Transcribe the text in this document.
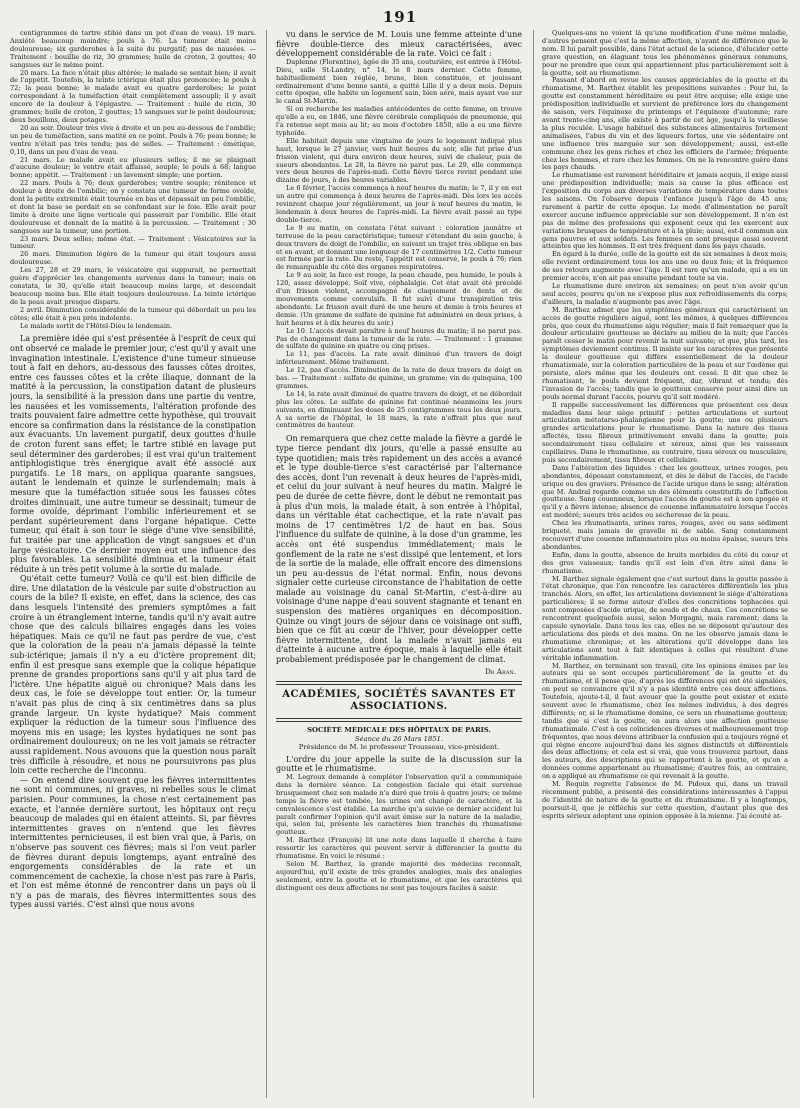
191

centigrammes de tartre stibié dans un pot d'eau de veau). 19 mars. Anxiété beaucoup moindre; pouls à 76. La tumeur était moins douloureuse; six garderobes à la suite du purgatif; pas de nausées. — Traitement : bouillie de riz, 30 grammes; huile de croton, 2 gouttes; 40 sangsues sur le même point.

20 mars. La face n'était plus altérée; le malade se sentait bien; il avait de l'appétit. Toutefois, la teinte ictérique était plus prononcée; le pouls à 72; la peau bonne; le malade avait eu quatre garderobes; le point correspondant à la tuméfaction était complètement assoupli; il y avait encore de la douleur à l'épigastre. — Traitement : huile de ricin, 30 grammes; huile de croton, 2 gouttes; 15 sangsues sur le point douloureux; deux bouillons, deux potages.

20 au soir. Douleur très vive à droite et un peu au-dessous de l'ombilic; un peu de tuméfaction, sans matité en ce point. Pouls à 76; peau bonne; le ventre n'était pas très tendu; pas de selles. — Traitement : émétique, 0,10, dans un peu d'eau de veau.

21 mars. Le malade avait eu plusieurs selles; il ne se plaignait d'aucune douleur; le ventre était affaissé, souple; le pouls à 68; langue bonne; appétit. — Traitement : un lavement simple; une portion.

22 mars. Pouls à 76; deux garderobes; ventre souple; rénitence et douleur à droite de l'ombilic; on y constata une tumeur de forme ovoïde, dont la petite extrémité était tournée en bas et dépassait un peu l'ombilic, et dont la base se perdait en se confondant sur le foie. Elle avait pour limite à droite une ligne verticale qui passerait par l'ombilic. Elle était douloureuse et donnait de la matité à la percussion. — Traitement : 30 sangsues sur la tumeur, une portion.

23 mars. Deux selles; même état. — Traitement : Vésicatoires sur la tumeur.

26 mars. Diminution légère de la tumeur qui était toujours aussi douloureuse.

Les 27, 28 et 29 mars, le vésicatoire qui suppurait, ne permettait guère d'apprécier les changements survenus dans la tumeur; mais on constata, le 30, qu'elle était beaucoup moins large, et descendait beaucoup moins bas. Elle était toujours douloureuse. La teinte ictérique de la peau avait presque disparu.

2 avril. Diminution considérable de la tumeur qui débordait un peu les côtes; elle était à peu près indolente.

Le malade sortit de l'Hôtel-Dieu le lendemain.

La première idée qui s'est présentée à l'esprit de ceux qui ont observé ce malade le premier jour, c'est qu'il y avait une invagination intestinale. L'existence d'une tumeur sinueuse tout à fait en dehors, au-dessous des fausses côtes droites, entre ces fausses côtes et la crête iliaque, donnant de la matité à la percussion, la constipation datant de plusieurs jours, la sensibilité à la pression dans une partie du ventre, les nausées et les vomissements, l'altération profonde des traits pouvaient faire admettre cette hypothèse, qui trouvait encore sa confirmation dans la résistance de la constipation aux évacuants. Un lavement purgatif, deux gouttes d'huile de croton furent sans effet; le tartre stibié en lavage put seul déterminer des garderobes; il est vrai qu'un traitement antiphlogistique très énergique avait été associé aux purgatifs. Le 18 mars, on appliqua quarante sangsues, autant le lendemain et quinze le surlendemain; mais à mesure que la tuméfaction située sous les fausses côtes droites diminuait, une autre tumeur se dessinait; tumeur de forme ovoïde, déprimant l'ombilic inférieurement et se perdant supérieurement dans l'organe hépatique. Cette tumeur, qui était à son tour le siège d'une vive sensibilité, fut traitée par une application de vingt sangsues et d'un large vésicatoire. Ce dernier moyen eut une influence des plus favorables. La sensibilité diminua et la tumeur était réduite à un très petit volume à la sortie du malade.

Qu'était cette tumeur? Voilà ce qu'il est bien difficile de dire. Une dilatation de la vésicule par suite d'obstruction au cours de la bile? Il existe, en effet, dans la science, des cas dans lesquels l'intensité des premiers symptômes a fait croire à un étranglement interne, tandis qu'il n'y avait autre chose que des calculs biliaires engagés dans les voies hépatiques. Mais ce qu'il ne faut pas perdre de vue, c'est que la coloration de la peau n'a jamais dépassé la teinte sub-ictérique; jamais il n'y a eu d'ictère proprement dit; enfin il est presque sans exemple que la colique hépatique prenne de grandes proportions sans qu'il y ait plus tard de l'ictère. Une hépatite aiguë ou chronique? Mais dans les deux cas, le foie se développe tout entier. Or, la tumeur n'avait pas plus de cinq à six centimètres dans sa plus grande largeur. Un kyste hydatique? Mais comment expliquer la réduction de la tumeur sous l'influence des moyens mis en usage; les kystes hydatiques ne sont pas ordinairement douloureux; on ne les voit jamais se rétracter aussi rapidement. Nous avouons que la question nous paraît très difficile à résoudre, et nous ne poursuivrons pas plus loin cette recherche de l'inconnu.

— On entend dire souvent que les fièvres intermittentes ne sont ni communes, ni graves, ni rebelles sous le climat parisien. Pour communes, la chose n'est certainement pas exacte, et l'année dernière surtout, les hôpitaux ont reçu beaucoup de malades qui en étaient atteints. Si, par fièvres intermittentes graves on n'entend que les fièvres intermittentes pernicieuses, il est bien vrai que, à Paris, on n'observe pas souvent ces fièvres; mais si l'on veut parler de fièvres durant depuis longtemps, ayant entraîné des engorgements considérables de la rate et un commencement de cachexie, la chose n'est pas rare à Paris, et l'on est même étonné de rencontrer dans un pays où il n'y a pas de marais, des fièvres intermittentes sous des types aussi variés. C'est ainsi que nous avons

vu dans le service de M. Louis une femme atteinte d'une fièvre double-tierce des mieux caractérisées, avec développement considérable de la rate. Voici ce fait :

Daplenne (Florentine), âgée de 35 ans, couturière, est entrée à l'Hôtel-Dieu, salle St-Landry, n° 14, le 8 mars dernier. Cette femme, habituellement bien réglée, brune, bien constituée, et jouissant ordinairement d'une bonne santé, a quitté Lille il y a deux mois. Depuis cette époque, elle habite un logement sain, bien aéré, mais ayant vue sur le canal St-Martin.

Si on recherche les maladies antécédentes de cette femme, on trouve qu'elle a eu, en 1846, une fièvre cérébrale compliquée de pneumonie, qui l'a retenue sept mois au lit; au mois d'octobre 1850, elle a eu une fièvre typhoïde.

Elle habitait depuis une vingtaine de jours le logement indiqué plus haut, lorsque le 27 janvier, vers huit heures du soir, elle fut prise d'un frisson violent, qui dura environ deux heures, suivi de chaleur, puis de sueurs abondantes. Le 28, la fièvre ne parut pas. Le 29, elle commença vers deux heures de l'après-midi. Cette fièvre tierce revint pendant une dizaine de jours, à des heures variables.

Le 6 février, l'accès commença à neuf heures du matin; le 7, il y en eut un autre qui commença à deux heures de l'après-midi. Dès lors les accès revinrent chaque jour régulièrement, un jour à neuf heures du matin, le lendemain à deux heures de l'après-midi. La fièvre avait passé au type double-tierce.

Le 9 au matin, on constata l'état suivant : coloration jaunâtre et terreuse de la peau caractéristique; tumeur s'étendant du sein gauche, à deux travers de doigt de l'ombilic, en suivant un trajet très oblique en bas et en avant, et donnant une longueur de 17 centimètres 1/2. Cette tumeur est formée par la rate. Du reste, l'appétit est conservé, le pouls à 76; rien de remarquable du côté des organes respiratoires.

Le 9 au soir, la face est rouge, la peau chaude, peu humide, le pouls à 120, assez développé. Soif vive, céphalalgie. Cet état avait été précédé d'un frisson violent, accompagné de claquement de dents et de mouvements comme convulsifs. Il fut suivi d'une transpiration très abondante. Le frisson avait duré de une heure et demie à trois heures et demie. (Un gramme de sulfate de quinine fut administré en deux prises, à huit heures et à dix heures du soir.)

Le 10. L'accès devait paraître à neuf heures du matin; il ne parut pas. Pas de changement dans la tumeur de la rate. — Traitement : 1 gramme de sulfate de quinine en quatre ou cinq prises.

Le 11, pas d'accès. La rate avait diminué d'un travers de doigt inférieurement. Même traitement.

Le 12, pas d'accès. Diminution de la rate de deux travers de doigt en bas. — Traitement : sulfate de quinine, un gramme; vin de quinquina, 100 grammes.

Le 14, la rate avait diminué de quatre travers de doigt, et ne débordait plus les côtes. Le sulfate de quinine fut continué néanmoins les jours suivants, en diminuant les doses de 25 centigrammes tous les deux jours. A sa sortie de l'hôpital, le 18 mars, la rate n'offrait plus que neuf centimètres de hauteur.

On remarquera que chez cette malade la fièvre a gardé le type tierce pendant dix jours, qu'elle a passé ensuite au type quotidien; mais très rapidement un des accès a avancé et le type double-tierce s'est caractérisé par l'alternance des accès, dont l'un revenait à deux heures de l'après-midi, et celui du jour suivant à neuf heures du matin. Malgré le peu de durée de cette fièvre, dont le début ne remontait pas à plus d'un mois, la malade était, à son entrée à l'hôpital, dans un véritable état cachectique, et la rate n'avait pas moins de 17 centimètres 1/2 de haut en bas. Sous l'influence du sulfate de quinine, à la dose d'un gramme, les accès ont été suspendus immédiatement; mais le gonflement de la rate ne s'est dissipé que lentement, et lors de la sortie de la malade, elle offrait encore des dimensions un peu au-dessus de l'état normal. Enfin, nous devons signaler cette curieuse circonstance de l'habitation de cette malade au voisinage du canal St-Martin, c'est-à-dire au voisinage d'une nappe d'eau souvent stagnante et tenant en suspension des matières organiques en décomposition. Quinze ou vingt jours de séjour dans ce voisinage ont suffi, bien que ce fût au cœur de l'hiver, pour développer cette fièvre intermittente, dont la malade n'avait jamais eu d'atteinte à aucune autre époque, mais à laquelle elle était probablement prédisposée par le changement de climat.

Dr Aran.

ACADÉMIES, SOCIÉTÉS SAVANTES ET ASSOCIATIONS.

SOCIÉTÉ MÉDICALE DES HÔPITAUX DE PARIS.

Séance du 26 Mars 1851.

Présidence de M. le professeur Trousseau, vice-président.

L'ordre du jour appelle la suite de la discussion sur la goutte et le rhumatisme.

M. Legroux demande à compléter l'observation qu'il a communiquée dans la dernière séance. La congestion faciale qui était survenue brusquement chez son malade n'a duré que trois à quatre jours; ce même temps la fièvre est tombée, les urines ont changé de caractère, et la convalescence s'est établie. La marche qu'a suivie ce dernier accident lui paraît confirmer l'opinion qu'il avait émise sur la nature de la maladie, qui, selon lui, présente les caractères bien tranchés du rhumatisme goutteux.

M. Barthez (François) lit une note dans laquelle il cherche à faire ressortir les caractères qui peuvent servir à différencier la goutte du rhumatisme. En voici le résumé :

Selon M. Barthez, la grande majorité des médecins reconnaît, aujourd'hui, qu'il existe de très grandes analogies, mais des analogies seulement, entre la goutte et le rhumatisme, et que les caractères qui distinguent ces deux affections ne sont pas toujours faciles à saisir.

Quelques-uns ne voient là qu'une modification d'une même maladie, d'autres pensent que c'est la même affection, n'ayant de différence que le nom. Il lui paraît possible, dans l'état actuel de la science, d'élucider cette grave question, en élaguant tous les phénomènes généraux communs, pour ne prendre que ceux qui appartiennent plus particulièrement soit à la goutte, soit au rhumatisme.

Passant d'abord en revue les causes appréciables de la goutte et du rhumatisme, M. Barthez établit les propositions suivantes : Pour lui, la goutte est constamment héréditaire ou peut être acquise; elle exige une prédisposition individuelle et survient de préférence lors du changement de saison, vers l'équinoxe du printemps et l'équinoxe d'automne; rare avant trente-cinq ans, elle existe à partir de cet âge, jusqu'à la vieillesse la plus reculée. L'usage habituel des substances alimentaires fortement animalisées, l'abus du vin et des liqueurs fortes, une vie sédentaire ont une influence très marquée sur son développement; aussi, est-elle commune chez les gens riches et chez les officiers de l'armée; fréquente chez les hommes, et rare chez les femmes. On ne la rencontre guère dans les pays chauds.

Le rhumatisme est rarement héréditaire et jamais acquis, il exige aussi une prédisposition individuelle; mais sa cause la plus efficace est l'exposition du corps aux diverses variations de température dans toutes les saisons. On l'observe depuis l'enfance jusqu'à l'âge de 45 ans; rarement à partir de cette époque. Le mode d'alimentation ne paraît exercer aucune influence appréciable sur son développement. Il n'en est pas de même des professions qui exposent ceux qui les exercent aux variations brusques de température et à la pluie; aussi, est-il commun aux gens pauvres et aux soldats. Les femmes en sont presque aussi souvent atteintes que les hommes. Il est très fréquent dans les pays chauds.

En égard à la durée, celle de la goutte est de six semaines à deux mois; elle revient ordinairement tous les ans une ou deux fois; et la fréquence de ses retours augmente avec l'âge. Il est rare qu'un malade, qui a eu un premier accès, n'en ait pas ensuite pendant toute sa vie.

Le rhumatisme dure environ six semaines; on peut n'en avoir qu'un seul accès, pourvu qu'on ne s'expose plus aux refroidissements du corps; d'ailleurs, la maladie n'augmente pas avec l'âge.

M. Barthez admet que les symptômes généraux qui caractérisent un accès de goutte régulière aiguë, sont les mêmes, à quelques différences près, que ceux du rhumatisme aigu régulier; mais il fait remarquer que la douleur articulaire goutteuse se déclare au milieu de la nuit; que l'accès paraît cesser le matin pour revenir la nuit suivante; et que, plus tard, les symptômes deviennent continus. Il insiste sur les caractères que présente la douleur goutteuse qui diffère essentiellement de la douleur rhumatismale, sur la coloration particulière de la peau et sur l'œdème qui persiste, alors même que les douleurs ont cessé. Il dit que chez le rhumatisant, le pouls devient fréquent, dur, vibrant et tendu; dès l'invasion de l'accès; tandis que le goutteux conserve pour ainsi dire un pouls normal durant l'accès, pourvu qu'il soit modéré.

Il rappelle successivement les différences que présentent ces deux maladies dans leur siège primitif : petites articulations et surtout articulation métatarso-phalangienne pour la goutte; une ou plusieurs grandes articulations pour le rhumatisme. Dans la nature des tissus affectés, tissu fibreux primitivement envahi dans la goutte; puis secondairement tissu cellulaire et séreux, ainsi que les vaisseaux capillaires. Dans le rhumatisme, au contraire, tissu séreux ou musculaire, puis secondairement, tissu fibreux et cellulaire.

Dans l'altération des liquides : chez les goutteux, urines rouges, peu abondantes, déposant constamment, et dès le début de l'accès, de l'acide urique ou des graviers. Présence de l'acide urique dans le sang; altération que M. Andral regarde comme un des éléments constitutifs de l'affection goutteuse. Sang couenneux, lorsque l'accès de goutte est à son apogée et qu'il y a fièvre intense; absence de couenne inflammatoire lorsque l'accès est modéré; sueurs très acides ou sécheresse de la peau.

Chez les rhumatisants, urines rares, rouges, avec ou sans sédiment briqueté, mais jamais de gravelle ni de sable. Sang constamment recouvert d'une couenne inflammatoire plus ou moins épaisse, sueurs très abondantes.

Enfin, dans la goutte, absence de bruits morbides du côté du cœur et des gros vaisseaux; tandis qu'il est loin d'en être ainsi dans le rhumatisme.

M. Barthez signale également que c'est surtout dans la goutte passée à l'état chronique, que l'on rencontre les caractères différentiels les plus tranchés. Alors, en effet, les articulations deviennent le siège d'altérations particulières; il se forme autour d'elles des concrétions tophacées qui sont composées d'acide urique, de soude et de chaux. Ces concrétions se rencontrent quelquefois aussi, selon Morgagni, mais rarement; dans la capsule synoviale. Dans tous les cas, elles ne se déposent qu'autour des articulations des pieds et des mains. On ne les observe jamais dans le rhumatisme chronique; et les altérations qu'il développe dans les articulations sont tout à fait identiques à celles qui résultent d'une véritable inflammation.

M. Barthez, en terminant son travail, cite les opinions émises par les auteurs qui se sont occupés particulièrement de la goutte et du rhumatisme, et il pense que, d'après les différences qui ont été signalées, on peut se convaincre qu'il n'y a pas identité entre ces deux affections. Toutefois, ajoute-t-il, il faut avouer que la goutte peut exister et existe souvent avec le rhumatisme, chez les mêmes individus, à des degrés différents; or, si le rhumatisme domine, ce sera un rhumatisme goutteux; tandis que si c'est la goutte, on aura alors une affection goutteuse rhumatismale. C'est à ces coïncidences diverses et malheureusement trop fréquentes, que nous devons attribuer la confusion qui a toujours régné et qui règne encore aujourd'hui dans les signes distinctifs et différentiels des deux affections; et cela est si vrai, que vous trouverez partout, dans les auteurs, des descriptions qui se rapportent à la goutte, et qu'on a données comme appartenant au rhumatisme; d'autres fois, au contraire, on a appliqué au rhumatisme ce qui revenait à la goutte.

M. Requin regrette l'absence de M. Pidoux qui, dans un travail récemment publié, a présenté des considérations intéressantes à l'appui de l'identité de nature de la goutte et du rhumatisme. Il y a longtemps, poursuit-il, que je réfléchis sur cette question, d'autant plus que des esprits sérieux adoptent une opinion opposée à la mienne. J'ai écouté at-
